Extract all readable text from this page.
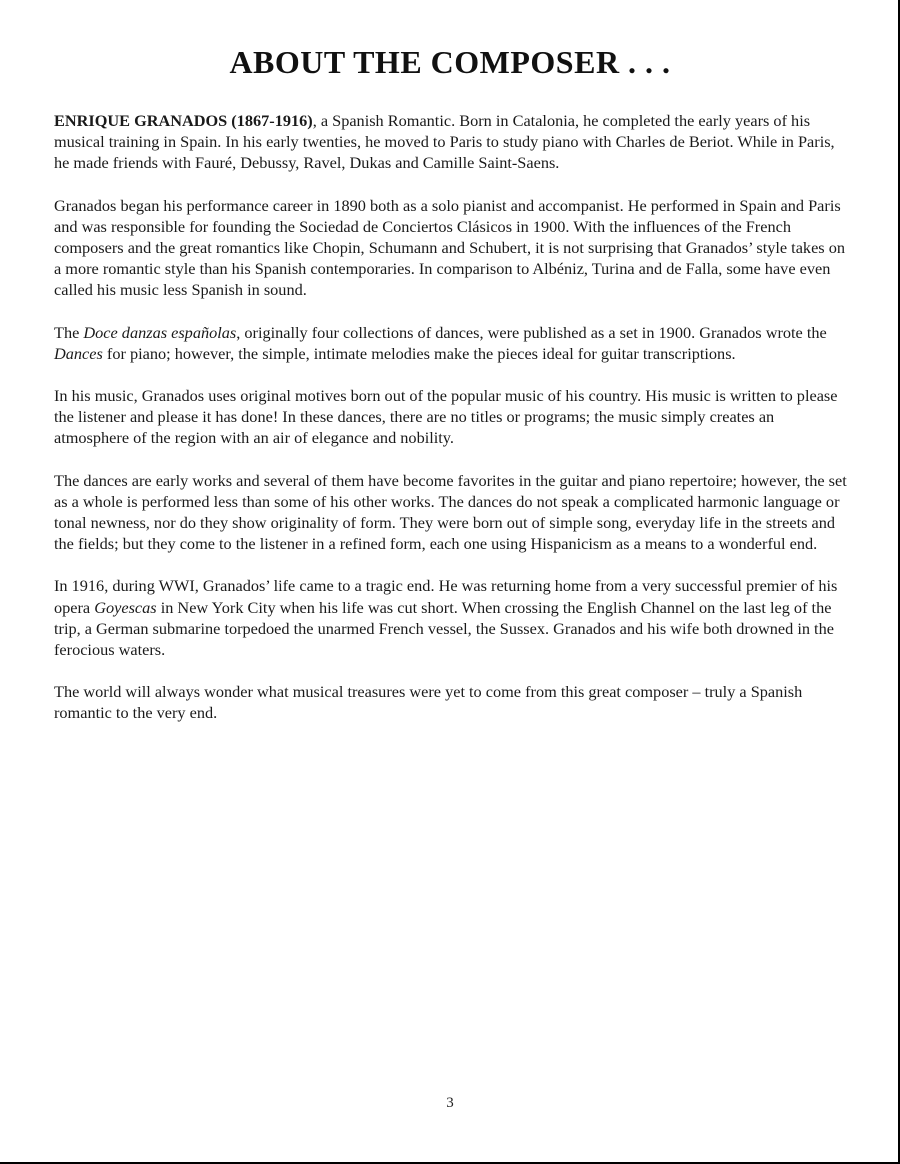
ABOUT THE COMPOSER . . .

ENRIQUE GRANADOS (1867-1916), a Spanish Romantic. Born in Catalonia, he completed the early years of his musical training in Spain. In his early twenties, he moved to Paris to study piano with Charles de Beriot. While in Paris, he made friends with Fauré, Debussy, Ravel, Dukas and Camille Saint-Saens.

Granados began his performance career in 1890 both as a solo pianist and accompanist. He performed in Spain and Paris and was responsible for founding the Sociedad de Conciertos Clásicos in 1900. With the influences of the French composers and the great romantics like Chopin, Schumann and Schubert, it is not surprising that Granados’ style takes on a more romantic style than his Spanish contemporaries. In comparison to Albéniz, Turina and de Falla, some have even called his music less Spanish in sound.

The Doce danzas españolas, originally four collections of dances, were published as a set in 1900. Granados wrote the Dances for piano; however, the simple, intimate melodies make the pieces ideal for guitar transcriptions.

In his music, Granados uses original motives born out of the popular music of his country. His music is written to please the listener and please it has done! In these dances, there are no titles or programs; the music simply creates an atmosphere of the region with an air of elegance and nobility.

The dances are early works and several of them have become favorites in the guitar and piano repertoire; however, the set as a whole is performed less than some of his other works. The dances do not speak a complicated harmonic language or tonal newness, nor do they show originality of form. They were born out of simple song, everyday life in the streets and the fields; but they come to the listener in a refined form, each one using Hispanicism as a means to a wonderful end.

In 1916, during WWI, Granados’ life came to a tragic end. He was returning home from a very successful premier of his opera Goyescas in New York City when his life was cut short. When crossing the English Channel on the last leg of the trip, a German submarine torpedoed the unarmed French vessel, the Sussex. Granados and his wife both drowned in the ferocious waters.

The world will always wonder what musical treasures were yet to come from this great composer – truly a Spanish romantic to the very end.

3
